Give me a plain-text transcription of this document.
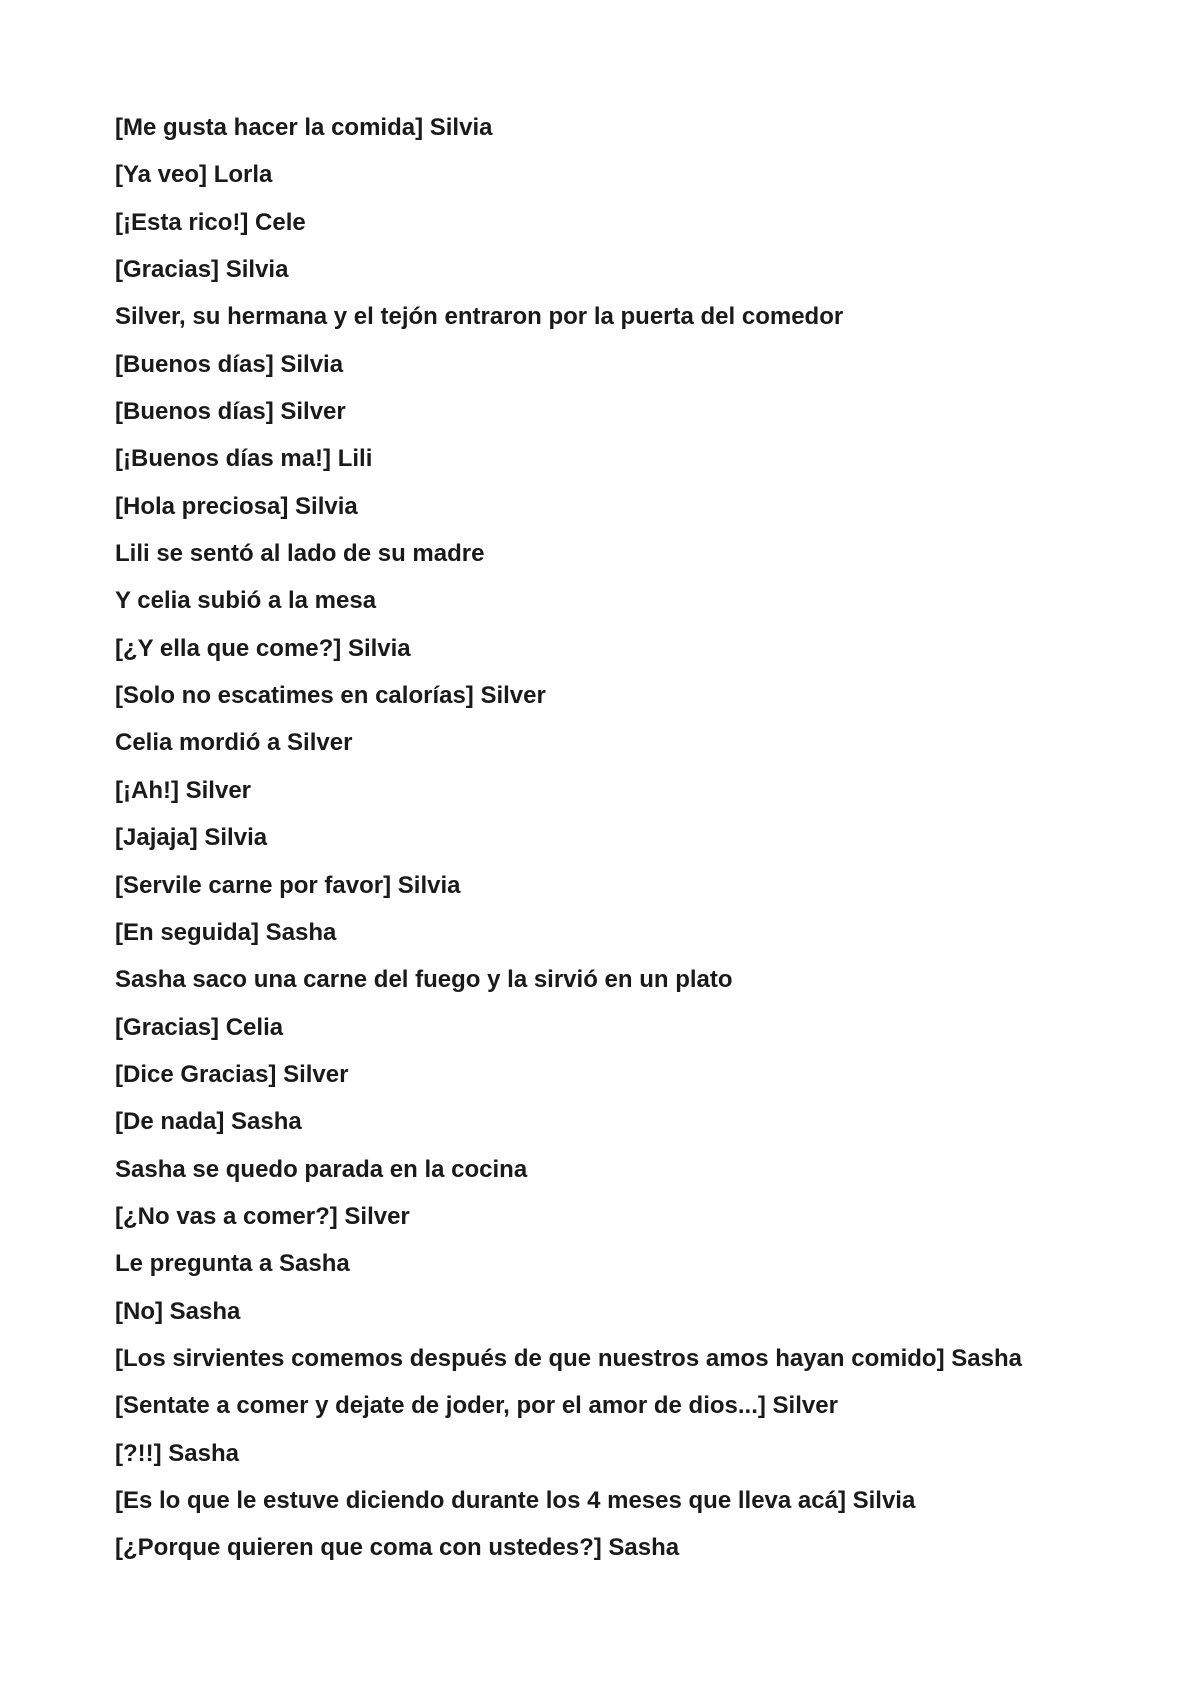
[Me gusta hacer la comida] Silvia
[Ya veo] Lorla
[¡Esta rico!] Cele
[Gracias] Silvia
Silver, su hermana y el tejón entraron por la puerta del comedor
[Buenos días] Silvia
[Buenos días] Silver
[¡Buenos días ma!] Lili
[Hola preciosa] Silvia
Lili se sentó al lado de su madre
Y celia subió a la mesa
[¿Y ella que come?] Silvia
[Solo no escatimes en calorías] Silver
Celia mordió a Silver
[¡Ah!] Silver
[Jajaja] Silvia
[Servile carne por favor] Silvia
[En seguida] Sasha
Sasha saco una carne del fuego y la sirvió en un plato
[Gracias] Celia
[Dice Gracias] Silver
[De nada] Sasha
Sasha se quedo parada en la cocina
[¿No vas a comer?] Silver
Le pregunta a Sasha
[No] Sasha
[Los sirvientes comemos después de que nuestros amos hayan comido] Sasha
[Sentate a comer y dejate de joder, por el amor de dios...] Silver
[?!!] Sasha
[Es lo que le estuve diciendo durante los 4 meses que lleva acá] Silvia
[¿Porque quieren que coma con ustedes?] Sasha
